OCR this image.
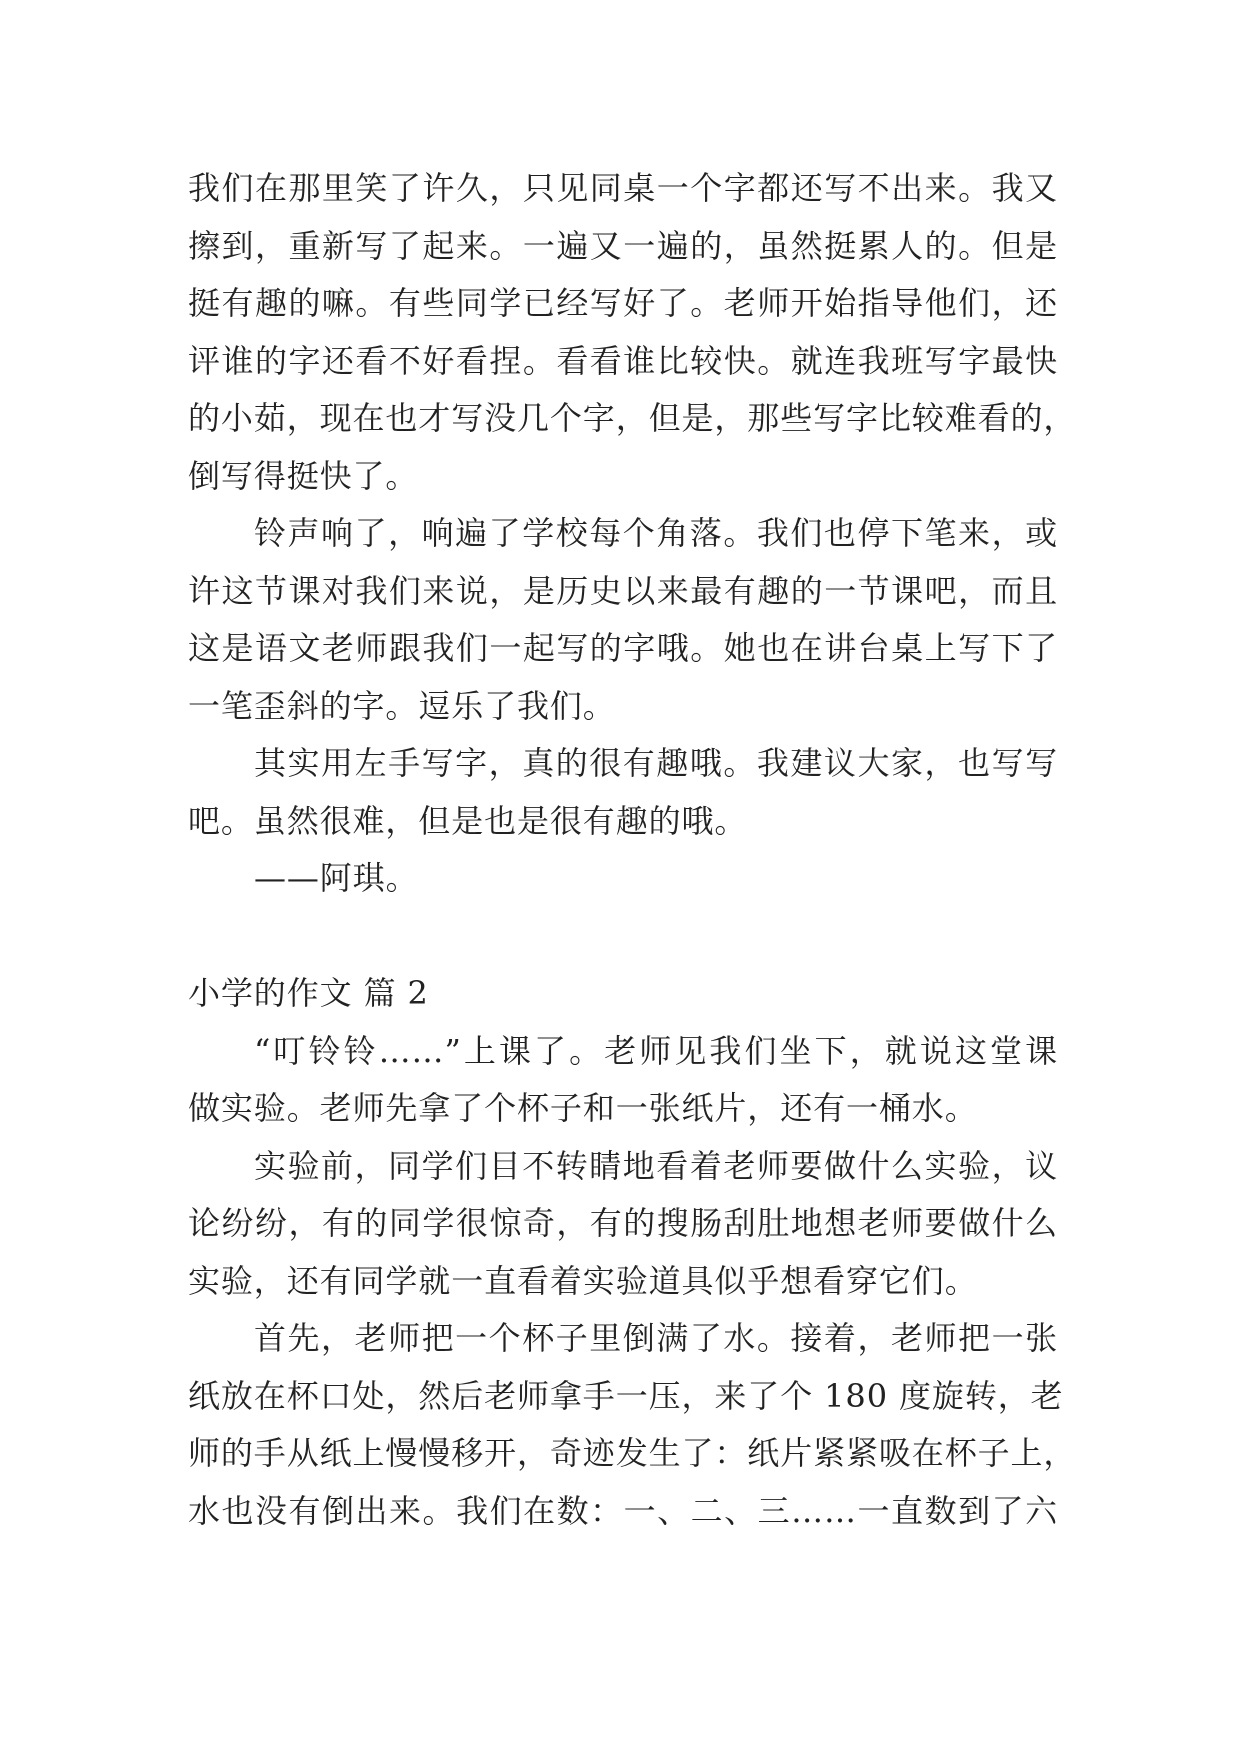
我们在那里笑了许久，只见同桌一个字都还写不出来。我又
擦到，重新写了起来。一遍又一遍的，虽然挺累人的。但是
挺有趣的嘛。有些同学已经写好了。老师开始指导他们，还
评谁的字还看不好看捏。看看谁比较快。就连我班写字最快
的小茹，现在也才写没几个字，但是，那些写字比较难看的，
倒写得挺快了。
铃声响了，响遍了学校每个角落。我们也停下笔来，或
许这节课对我们来说，是历史以来最有趣的一节课吧，而且
这是语文老师跟我们一起写的字哦。她也在讲台桌上写下了
一笔歪斜的字。逗乐了我们。
其实用左手写字，真的很有趣哦。我建议大家，也写写
吧。虽然很难，但是也是很有趣的哦。
——阿琪。
小学的作文 篇 2
“叮铃铃……”上课了。老师见我们坐下，就说这堂课
做实验。老师先拿了个杯子和一张纸片，还有一桶水。
实验前，同学们目不转睛地看着老师要做什么实验，议
论纷纷，有的同学很惊奇，有的搜肠刮肚地想老师要做什么
实验，还有同学就一直看着实验道具似乎想看穿它们。
首先，老师把一个杯子里倒满了水。接着，老师把一张
纸放在杯口处，然后老师拿手一压，来了个 180 度旋转，老
师的手从纸上慢慢移开，奇迹发生了：纸片紧紧吸在杯子上，
水也没有倒出来。我们在数：一、二、三……一直数到了六
